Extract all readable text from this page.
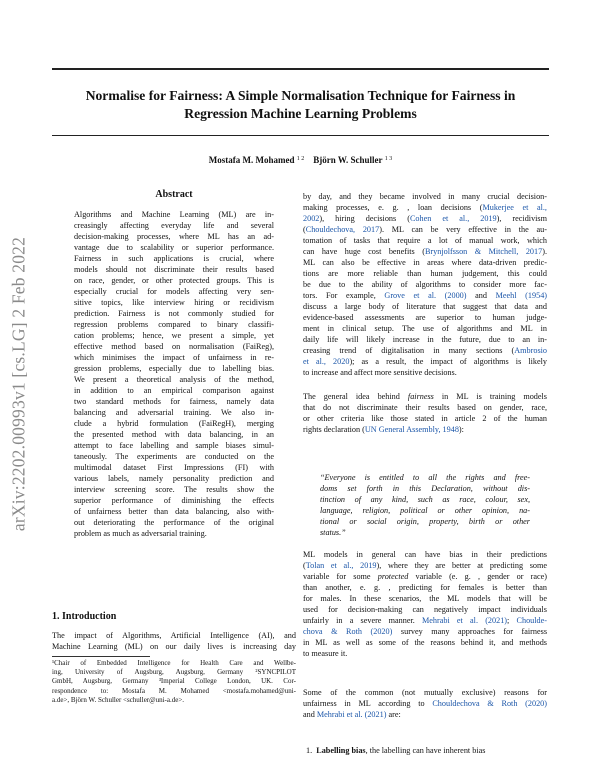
Normalise for Fairness: A Simple Normalisation Technique for Fairness in
Regression Machine Learning Problems
Mostafa M. Mohamed $^{1 2}$ Björn W. Schuller $^{1 3}$
arXiv:2202.00993v1 [cs.LG] 2 Feb 2022
Abstract
Algorithms and Machine Learning (ML) are in-
creasingly affecting everyday life and several
decision-making processes, where ML has an ad-
vantage due to scalability or superior performance.
Fairness in such applications is crucial, where
models should not discriminate their results based
on race, gender, or other protected groups. This is
especially crucial for models affecting very sen-
sitive topics, like interview hiring or recidivism
prediction. Fairness is not commonly studied for
regression problems compared to binary classifi-
cation problems; hence, we present a simple, yet
effective method based on normalisation (FaiReg),
which minimises the impact of unfairness in re-
gression problems, especially due to labelling bias.
We present a theoretical analysis of the method,
in addition to an empirical comparison against
two standard methods for fairness, namely data
balancing and adversarial training. We also in-
clude a hybrid formulation (FaiRegH), merging
the presented method with data balancing, in an
attempt to face labelling and sample biases simul-
taneously. The experiments are conducted on the
multimodal dataset First Impressions (FI) with
various labels, namely personality prediction and
interview screening score. The results show the
superior performance of diminishing the effects
of unfairness better than data balancing, also with-
out deteriorating the performance of the original
problem as much as adversarial training.
1. Introduction
The impact of Algorithms, Artificial Intelligence (AI), and
Machine Learning (ML) on our daily lives is increasing day
¹Chair of Embedded Intelligence for Health Care and Wellbe-
ing, University of Augsburg, Augsburg, Germany ²SYNCPILOT
GmbH, Augsburg, Germany ³Imperial College London, UK. Cor-
respondence to: Mostafa M. Mohamed <mostafa.mohamed@uni-
a.de>, Björn W. Schuller <schuller@uni-a.de>.
by day, and they became involved in many crucial decision-
making processes, e. g. , loan decisions (Mukerjee et al.,
2002), hiring decisions (Cohen et al., 2019), recidivism
(Chouldechova, 2017). ML can be very effective in the au-
tomation of tasks that require a lot of manual work, which
can have huge cost benefits (Brynjolfsson & Mitchell, 2017).
ML can also be effective in areas where data-driven predic-
tions are more reliable than human judgement, this could
be due to the ability of algorithms to consider more fac-
tors. For example, Grove et al. (2000) and Meehl (1954)
discuss a large body of literature that suggest that data and
evidence-based assessments are superior to human judge-
ment in clinical setup. The use of algorithms and ML in
daily life will likely increase in the future, due to an in-
creasing trend of digitalisation in many sections (Ambrosio
et al., 2020); as a result, the impact of algorithms is likely
to increase and affect more sensitive decisions.
The general idea behind fairness in ML is training models
that do not discriminate their results based on gender, race,
or other criteria like those stated in article 2 of the human
rights declaration (UN General Assembly, 1948):
“Everyone is entitled to all the rights and free-
doms set forth in this Declaration, without dis-
tinction of any kind, such as race, colour, sex,
language, religion, political or other opinion, na-
tional or social origin, property, birth or other
status.”
ML models in general can have bias in their predictions
(Tolan et al., 2019), where they are better at predicting some
variable for some protected variable (e. g. , gender or race)
than another, e. g. , predicting for females is better than
for males. In these scenarios, the ML models that will be
used for decision-making can negatively impact individuals
unfairly in a severe manner. Mehrabi et al. (2021); Choulde-
chova & Roth (2020) survey many approaches for fairness
in ML as well as some of the reasons behind it, and methods
to measure it.
Some of the common (not mutually exclusive) reasons for
unfairness in ML according to Chouldechova & Roth (2020)
and Mehrabi et al. (2021) are:
1. Labelling bias, the labelling can have inherent bias
